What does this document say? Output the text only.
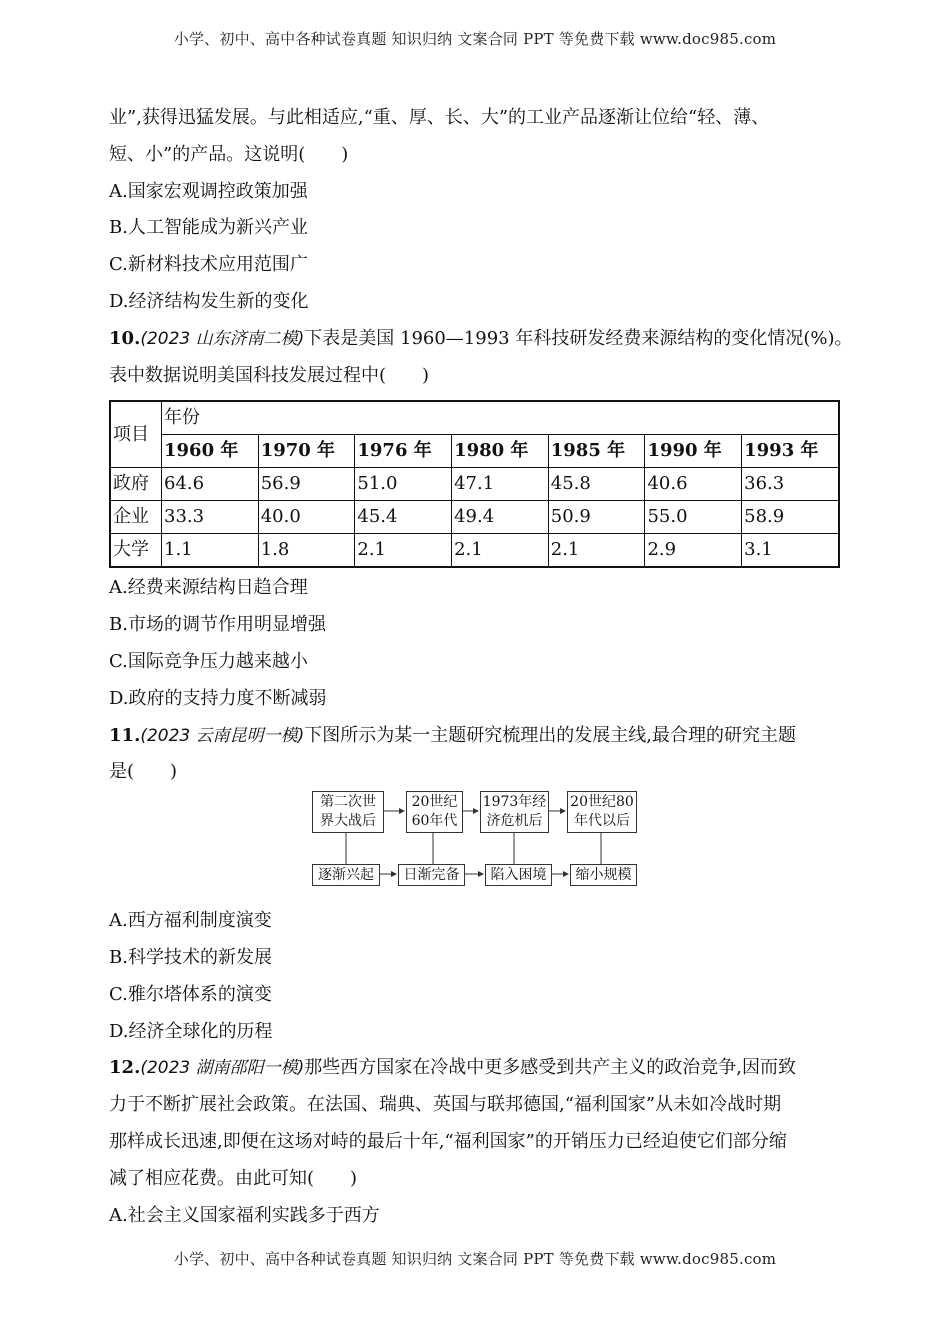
小学、初中、高中各种试卷真题 知识归纳 文案合同 PPT 等免费下载 www.doc985.com
业”,获得迅猛发展。与此相适应,“重、厚、长、大”的工业产品逐渐让位给“轻、薄、
短、小”的产品。这说明(　　)
A.国家宏观调控政策加强
B.人工智能成为新兴产业
C.新材料技术应用范围广
D.经济结构发生新的变化
10.(2023 山东济南二模)下表是美国 1960—1993 年科技研发经费来源结构的变化情况(%)。
表中数据说明美国科技发展过程中(　　)
项目	年份						
	1960 年	1970 年	1976 年	1980 年	1985 年	1990 年	1993 年
政府	64.6	56.9	51.0	47.1	45.8	40.6	36.3
企业	33.3	40.0	45.4	49.4	50.9	55.0	58.9
大学	1.1	1.8	2.1	2.1	2.1	2.9	3.1
A.经费来源结构日趋合理
B.市场的调节作用明显增强
C.国际竞争压力越来越小
D.政府的支持力度不断减弱
11.(2023 云南昆明一模)下图所示为某一主题研究梳理出的发展主线,最合理的研究主题
是(　　)
第二次世
界大战后
20世纪
60年代
1973年经
济危机后
20世纪80
年代以后
逐渐兴起	日渐完备	陷入困境	缩小规模
A.西方福利制度演变
B.科学技术的新发展
C.雅尔塔体系的演变
D.经济全球化的历程
12.(2023 湖南邵阳一模)那些西方国家在冷战中更多感受到共产主义的政治竞争,因而致
力于不断扩展社会政策。在法国、瑞典、英国与联邦德国,“福利国家”从未如冷战时期
那样成长迅速,即便在这场对峙的最后十年,“福利国家”的开销压力已经迫使它们部分缩
减了相应花费。由此可知(　　)
A.社会主义国家福利实践多于西方
小学、初中、高中各种试卷真题 知识归纳 文案合同 PPT 等免费下载 www.doc985.com
